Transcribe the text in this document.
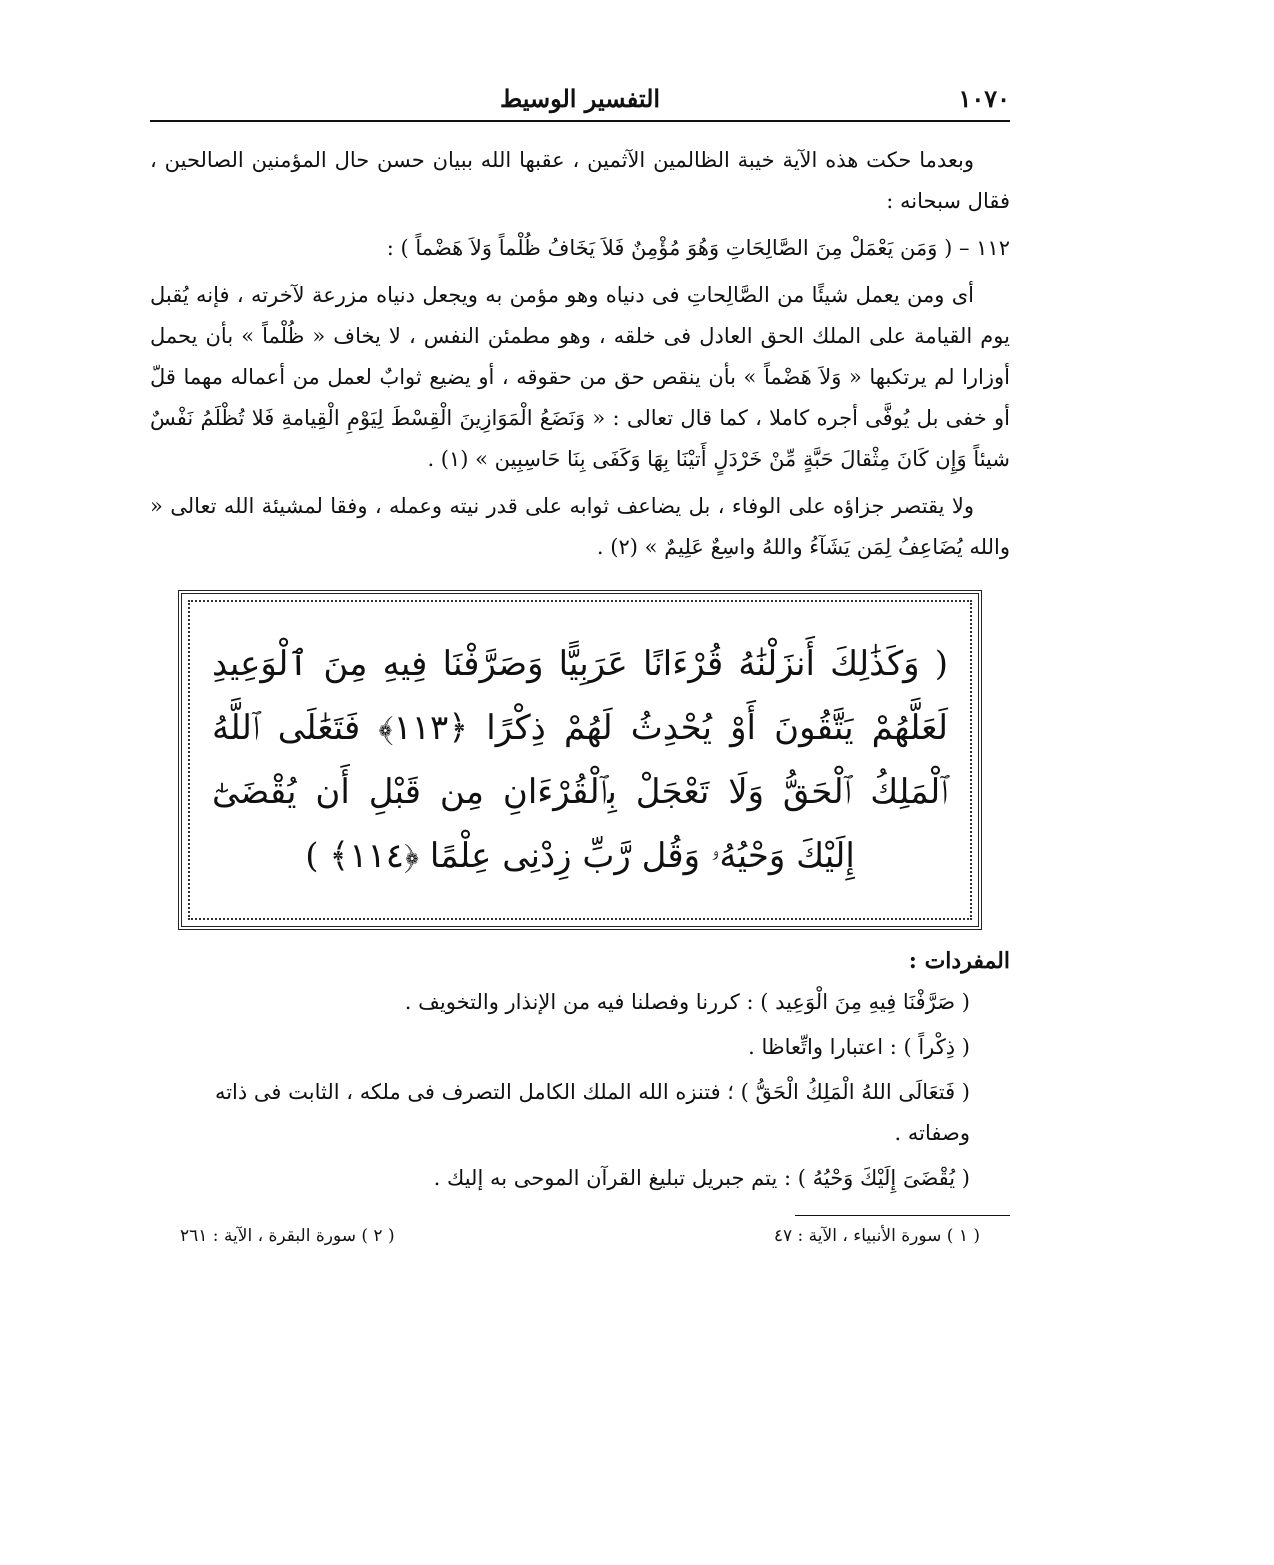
١٠٧٠
التفسير الوسيط

وبعدما حكت هذه الآية خيبة الظالمين الآثمين ، عقبها الله ببيان حسن حال المؤمنين الصالحين ، فقال سبحانه :

١١٢ – ( وَمَن يَعْمَلْ مِنَ الصَّالِحَاتِ وَهُوَ مُؤْمِنٌ فَلاَ يَخَافُ ظُلْماً وَلاَ هَضْماً ) :

أى ومن يعمل شيئًا من الصَّالِحاتِ فى دنياه وهو مؤمن به ويجعل دنياه مزرعة لآخرته ، فإنه يُقبل يوم القيامة على الملك الحق العادل فى خلقه ، وهو مطمئن النفس ، لا يخاف « ظُلْماً » بأن يحمل أوزارا لم يرتكبها « وَلاَ هَضْماً » بأن ينقص حق من حقوقه ، أو يضيع ثوابٌ لعمل من أعماله مهما قلّ أو خفى بل يُوفَّى أجره كاملا ، كما قال تعالى : « وَنَضَعُ الْمَوَازِينَ الْقِسْطَ لِيَوْمِ الْقِيامةِ فَلا تُظْلَمُ نَفْسٌ شيئاً وَإِن كَانَ مِثْقالَ حَبَّةٍ مِّنْ خَرْدَلٍ أَتيْنَا بِهَا وَكَفَى بِنَا حَاسِبِين » (١) .

ولا يقتصر جزاؤه على الوفاء ، بل يضاعف ثوابه على قدر نيته وعمله ، وفقا لمشيئة الله تعالى « والله يُضَاعِفُ لِمَن يَشَآءُ واللهُ واسِعٌ عَلِيمٌ » (٢) .

( وَكَذَٰلِكَ أَنزَلْنَٰهُ قُرْءَانًا عَرَبِيًّا وَصَرَّفْنَا فِيهِ مِنَ ٱلْوَعِيدِ لَعَلَّهُمْ يَتَّقُونَ أَوْ يُحْدِثُ لَهُمْ ذِكْرًا ﴿١١٣﴾ فَتَعَٰلَى ٱللَّهُ ٱلْمَلِكُ ٱلْحَقُّ وَلَا تَعْجَلْ بِٱلْقُرْءَانِ مِن قَبْلِ أَن يُقْضَىٰٓ إِلَيْكَ وَحْيُهُۥ وَقُل رَّبِّ زِدْنِى عِلْمًا ﴿١١٤﴾ )
المفردات :

( صَرَّفْنَا فِيهِ مِنَ الْوَعِيد ) : كررنا وفصلنا فيه من الإنذار والتخويف .

( ذِكْراً ) : اعتبارا واتِّعاظا .

( فَتعَالَى اللهُ الْمَلِكُ الْحَقُّ ) ؛ فتنزه الله الملك الكامل التصرف فى ملكه ، الثابت فى ذاته وصفاته .

( يُقْضَىَ إِلَيْكَ وَحْيُهُ ) : يتم جبريل تبليغ القرآن الموحى به إليك .

( ١ ) سورة الأنبياء ، الآية : ٤٧
( ٢ ) سورة البقرة ، الآية : ٢٦١
